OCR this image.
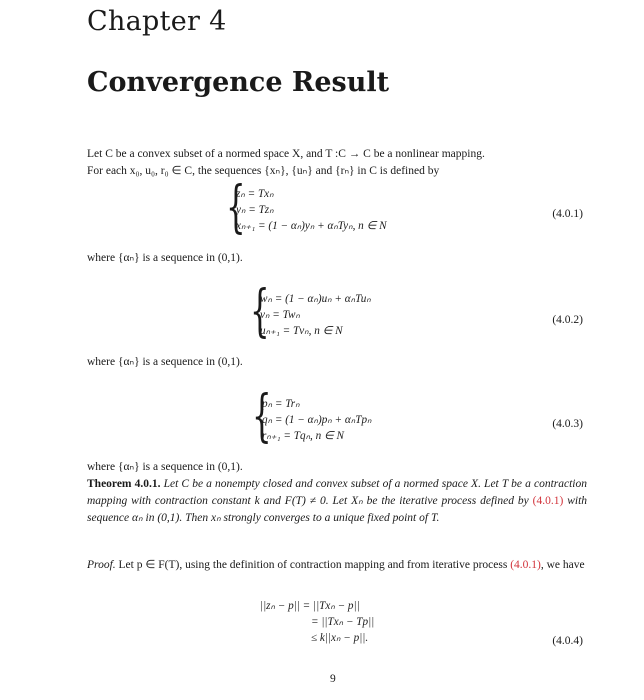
Chapter 4
Convergence Result
Let C be a convex subset of a normed space X, and T :C → C be a nonlinear mapping.
For each x₀, u₀, r₀ ∈ C, the sequences {xₙ}, {uₙ} and {rₙ} in C is defined by
{
zₙ = Txₙ
yₙ = Tzₙ
xₙ₊₁ = (1 − αₙ)yₙ + αₙTyₙ, n ∈ N
(4.0.1)
where {αₙ} is a sequence in (0,1).
{
wₙ = (1 − αₙ)uₙ + αₙTuₙ
vₙ = Twₙ
uₙ₊₁ = Tvₙ, n ∈ N
(4.0.2)
where {αₙ} is a sequence in (0,1).
{
pₙ = Trₙ
qₙ = (1 − αₙ)pₙ + αₙTpₙ
rₙ₊₁ = Tqₙ, n ∈ N
(4.0.3)
where {αₙ} is a sequence in (0,1).
Theorem 4.0.1. Let C be a nonempty closed and convex subset of a normed space X. Let T be a contraction mapping with contraction constant k and F(T) ≠ 0. Let Xₙ be the iterative process defined by (4.0.1) with sequence αₙ in (0,1). Then xₙ strongly converges to a unique fixed point of T.
Proof. Let p ∈ F(T), using the definition of contraction mapping and from iterative process (4.0.1), we have
||zₙ − p|| = ||Txₙ − p||
= ||Txₙ − Tp||
≤ k||xₙ − p||.	(4.0.4)
9
